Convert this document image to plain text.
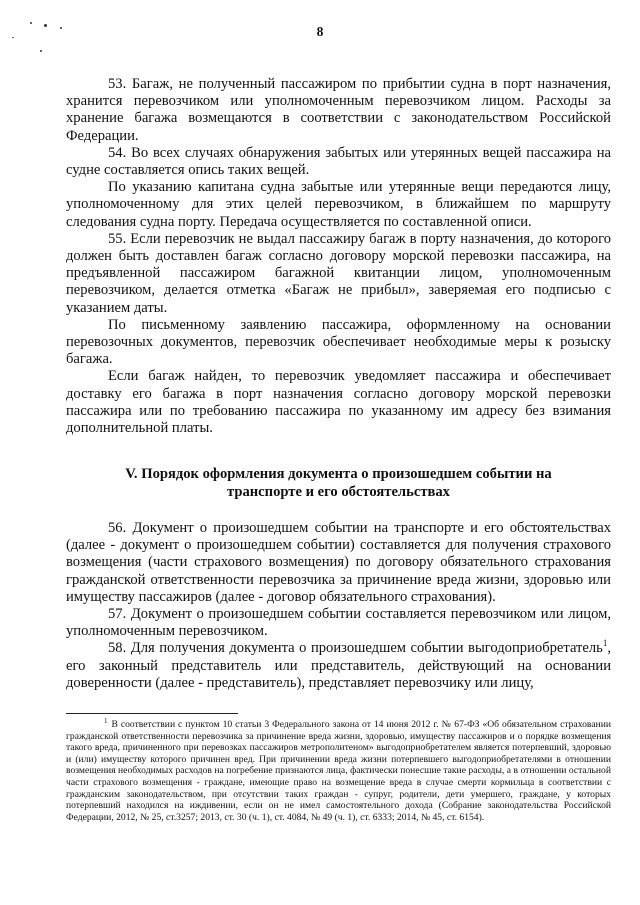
8

53. Багаж, не полученный пассажиром по прибытии судна в порт назначения, хранится перевозчиком или уполномоченным перевозчиком лицом. Расходы за хранение багажа возмещаются в соответствии с законодательством Российской Федерации.

54. Во всех случаях обнаружения забытых или утерянных вещей пассажира на судне составляется опись таких вещей.

По указанию капитана судна забытые или утерянные вещи передаются лицу, уполномоченному для этих целей перевозчиком, в ближайшем по маршруту следования судна порту. Передача осуществляется по составленной описи.

55. Если перевозчик не выдал пассажиру багаж в порту назначения, до которого должен быть доставлен багаж согласно договору морской перевозки пассажира, на предъявленной пассажиром багажной квитанции лицом, уполномоченным перевозчиком, делается отметка «Багаж не прибыл», заверяемая его подписью с указанием даты.

По письменному заявлению пассажира, оформленному на основании перевозочных документов, перевозчик обеспечивает необходимые меры к розыску багажа.

Если багаж найден, то перевозчик уведомляет пассажира и обеспечивает доставку его багажа в порт назначения согласно договору морской перевозки пассажира или по требованию пассажира по указанному им адресу без взимания дополнительной платы.

V. Порядок оформления документа о произошедшем событии на
транспорте и его обстоятельствах

56. Документ о произошедшем событии на транспорте и его обстоятельствах (далее - документ о произошедшем событии) составляется для получения страхового возмещения (части страхового возмещения) по договору обязательного страхования гражданской ответственности перевозчика за причинение вреда жизни, здоровью или имуществу пассажиров (далее - договор обязательного страхования).

57. Документ о произошедшем событии составляется перевозчиком или лицом, уполномоченным перевозчиком.

58. Для получения документа о произошедшем событии выгодоприобретатель$^1$, его законный представитель или представитель, действующий на основании доверенности (далее - представитель), представляет перевозчику или лицу,

$^1$ В соответствии с пунктом 10 статьи 3 Федерального закона от 14 июня 2012 г. № 67-ФЗ «Об обязательном страховании гражданской ответственности перевозчика за причинение вреда жизни, здоровью, имуществу пассажиров и о порядке возмещения такого вреда, причиненного при перевозках пассажиров метрополитеном» выгодоприобретателем является потерпевший, здоровью и (или) имуществу которого причинен вред. При причинении вреда жизни потерпевшего выгодоприобретателями в отношении возмещения необходимых расходов на погребение признаются лица, фактически понесшие такие расходы, а в отношении остальной части страхового возмещения - граждане, имеющие право на возмещение вреда в случае смерти кормильца в соответствии с гражданским законодательством, при отсутствии таких граждан - супруг, родители, дети умершего, граждане, у которых потерпевший находился на иждивении, если он не имел самостоятельного дохода (Собрание законодательства Российской Федерации, 2012, № 25, ст.3257; 2013, ст. 30 (ч. 1), ст. 4084, № 49 (ч. 1), ст. 6333; 2014, № 45, ст. 6154).
